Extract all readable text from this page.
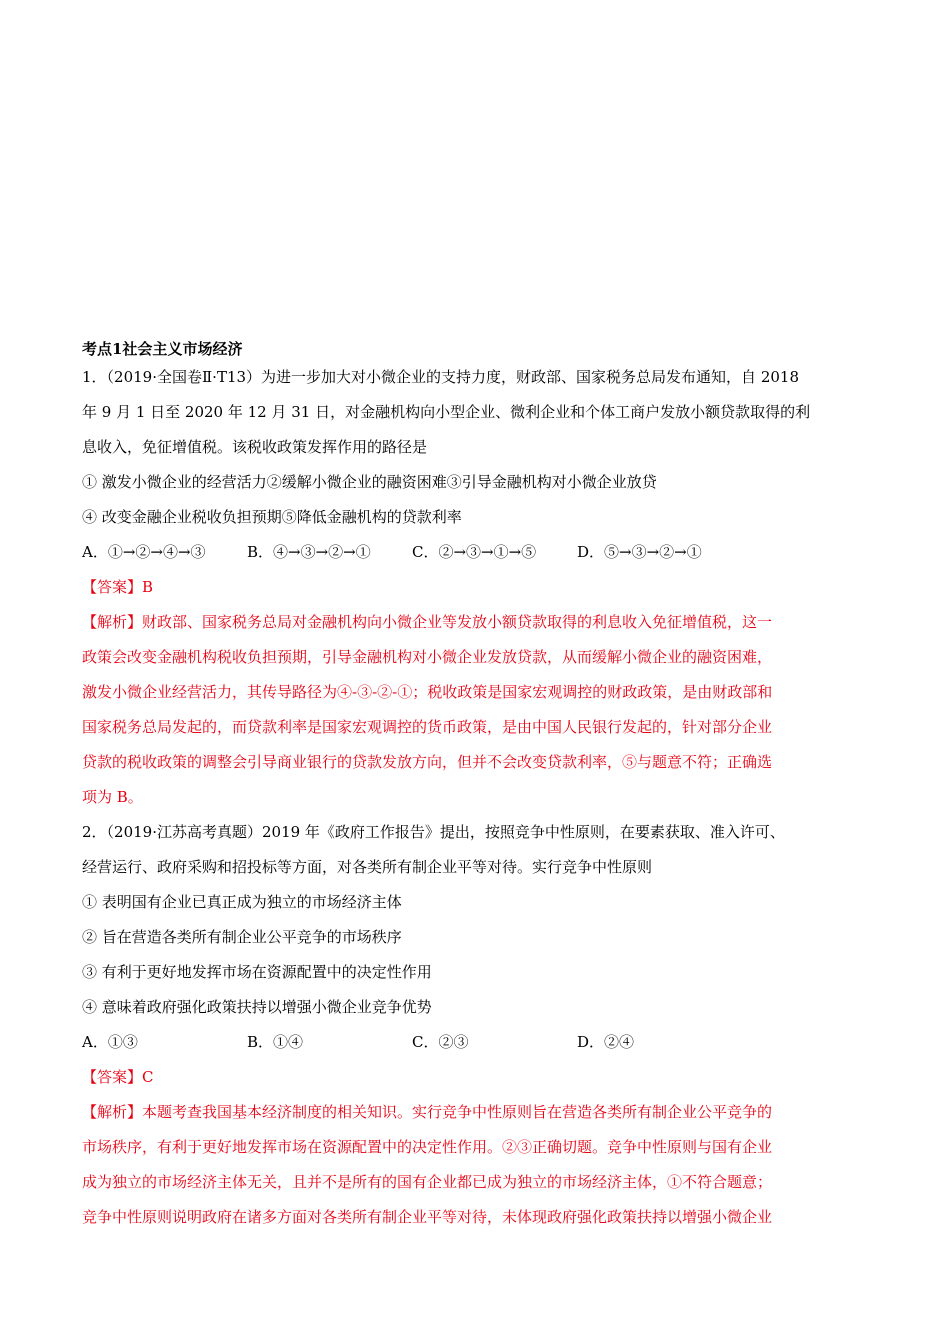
考点1社会主义市场经济

1．（2019·全国卷Ⅱ·T13）为进一步加大对小微企业的支持力度，财政部、国家税务总局发布通知，自 2018

年 9 月 1 日至 2020 年 12 月 31 日，对金融机构向小型企业、微利企业和个体工商户发放小额贷款取得的利

息收入，免征增值税。该税收政策发挥作用的路径是

① 激发小微企业的经营活力②缓解小微企业的融资困难③引导金融机构对小微企业放贷

④ 改变金融企业税收负担预期⑤降低金融机构的贷款利率

A．①→②→④→③	B．④→③→②→①	C．②→③→①→⑤	D．⑤→③→②→①

【答案】B

【解析】财政部、国家税务总局对金融机构向小微企业等发放小额贷款取得的利息收入免征增值税，这一

政策会改变金融机构税收负担预期，引导金融机构对小微企业发放贷款，从而缓解小微企业的融资困难，

激发小微企业经营活力，其传导路径为④-③-②-①；税收政策是国家宏观调控的财政政策，是由财政部和

国家税务总局发起的，而贷款利率是国家宏观调控的货币政策，是由中国人民银行发起的，针对部分企业

贷款的税收政策的调整会引导商业银行的贷款发放方向，但并不会改变贷款利率，⑤与题意不符；正确选

项为 B。

2．（2019·江苏高考真题）2019 年《政府工作报告》提出，按照竞争中性原则，在要素获取、准入许可、

经营运行、政府采购和招投标等方面，对各类所有制企业平等对待。实行竞争中性原则

① 表明国有企业已真正成为独立的市场经济主体

② 旨在营造各类所有制企业公平竞争的市场秩序

③ 有利于更好地发挥市场在资源配置中的决定性作用

④ 意味着政府强化政策扶持以增强小微企业竞争优势

A．①③	B．①④	C．②③	D．②④

【答案】C

【解析】本题考查我国基本经济制度的相关知识。实行竞争中性原则旨在营造各类所有制企业公平竞争的

市场秩序，有利于更好地发挥市场在资源配置中的决定性作用。②③正确切题。竞争中性原则与国有企业

成为独立的市场经济主体无关，且并不是所有的国有企业都已成为独立的市场经济主体，①不符合题意；

竞争中性原则说明政府在诸多方面对各类所有制企业平等对待，未体现政府强化政策扶持以增强小微企业
